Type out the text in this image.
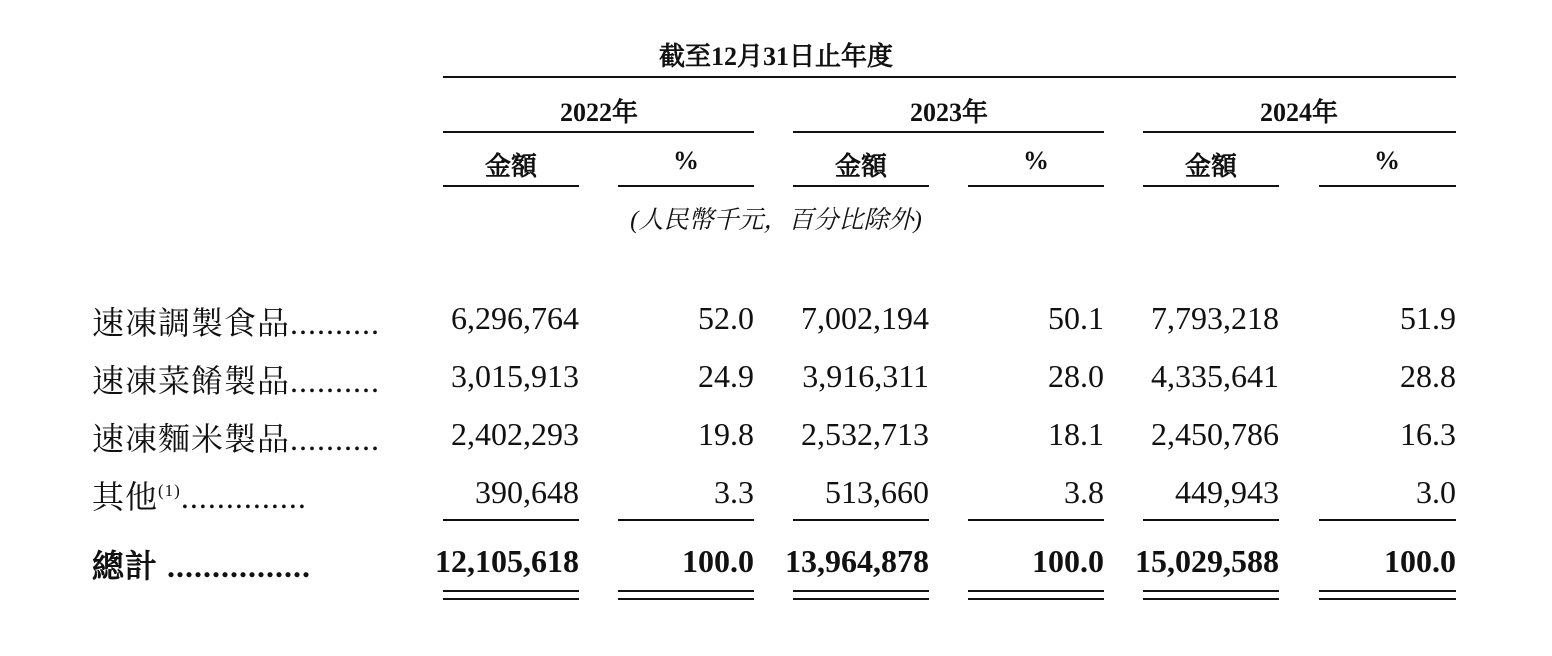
截至12月31日止年度
2022年	2023年	2024年
金額	%	金額	%	金額	%
(人民幣千元，百分比除外)
速凍調製食品..........	6,296,764	52.0	7,002,194	50.1	7,793,218	51.9
速凍菜餚製品..........	3,015,913	24.9	3,916,311	28.0	4,335,641	28.8
速凍麵米製品..........	2,402,293	19.8	2,532,713	18.1	2,450,786	16.3
其他$^{(1)}$..............	390,648	3.3	513,660	3.8	449,943	3.0
總計 ................	12,105,618	100.0 13,964,878	100.0 15,029,588	100.0
